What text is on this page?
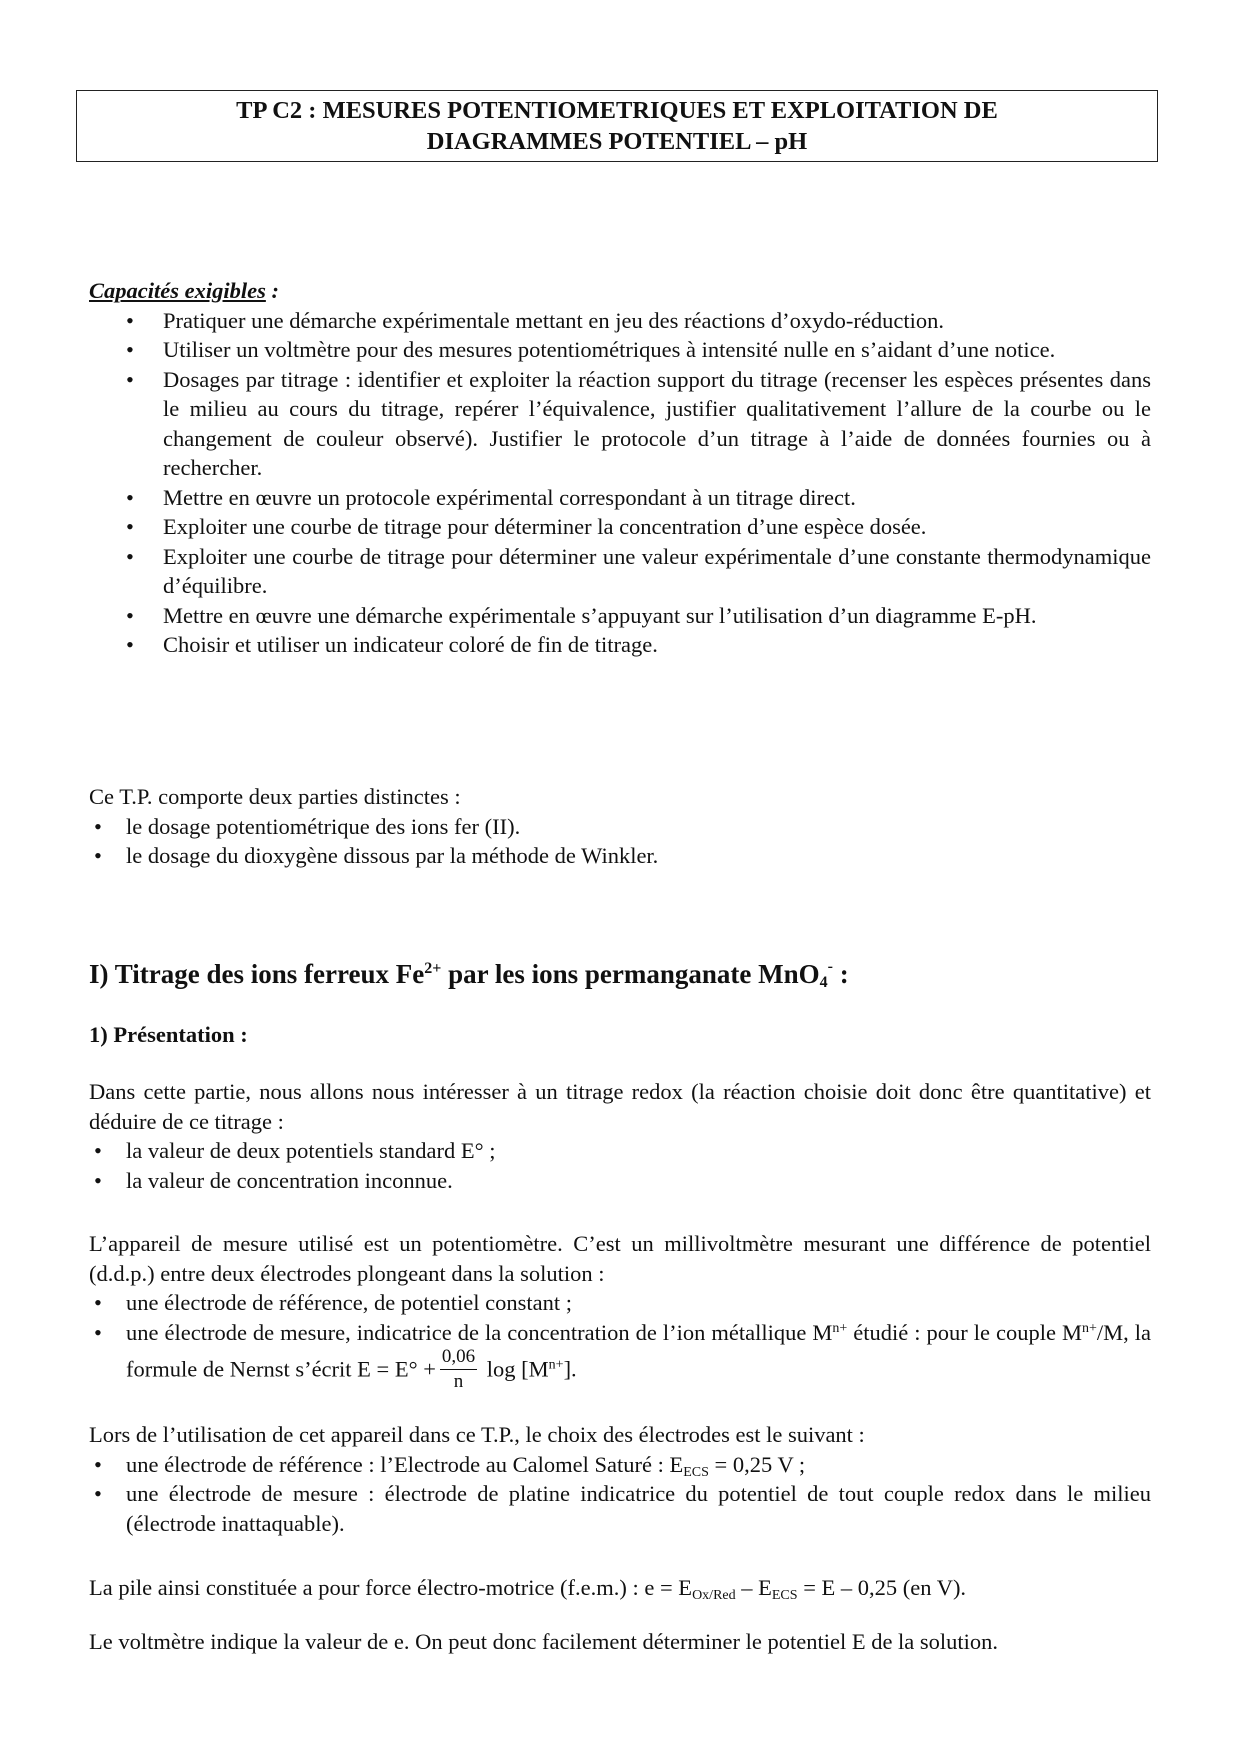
TP C2 : MESURES POTENTIOMETRIQUES ET EXPLOITATION DE
DIAGRAMMES POTENTIEL – pH
Capacités exigibles :
• Pratiquer une démarche expérimentale mettant en jeu des réactions d’oxydo-réduction.
• Utiliser un voltmètre pour des mesures potentiométriques à intensité nulle en s’aidant d’une notice.
• Dosages par titrage : identifier et exploiter la réaction support du titrage (recenser les espèces présentes dans le milieu au cours du titrage, repérer l’équivalence, justifier qualitativement l’allure de la courbe ou le changement de couleur observé). Justifier le protocole d’un titrage à l’aide de données fournies ou à rechercher.
• Mettre en œuvre un protocole expérimental correspondant à un titrage direct.
• Exploiter une courbe de titrage pour déterminer la concentration d’une espèce dosée.
• Exploiter une courbe de titrage pour déterminer une valeur expérimentale d’une constante thermodynamique d’équilibre.
• Mettre en œuvre une démarche expérimentale s’appuyant sur l’utilisation d’un diagramme E-pH.
• Choisir et utiliser un indicateur coloré de fin de titrage.
Ce T.P. comporte deux parties distinctes :
• le dosage potentiométrique des ions fer (II).
• le dosage du dioxygène dissous par la méthode de Winkler.
I) Titrage des ions ferreux $Fe^{2+}$ par les ions permanganate MnO$_4$- :
1) Présentation :
Dans cette partie, nous allons nous intéresser à un titrage redox (la réaction choisie doit donc être quantitative) et déduire de ce titrage :
• la valeur de deux potentiels standard E° ;
• la valeur de concentration inconnue.
L’appareil de mesure utilisé est un potentiomètre. C’est un millivoltmètre mesurant une différence de potentiel (d.d.p.) entre deux électrodes plongeant dans la solution :
• une électrode de référence, de potentiel constant ;
• une électrode de mesure, indicatrice de la concentration de l’ion métallique $M^{n+}$ étudié : pour le couple $M^{n+}/M$, la formule de Nernst s’écrit $E = E^\circ + \frac{0,06}{n}$ $\log [M^{n+}]$.
Lors de l’utilisation de cet appareil dans ce T.P., le choix des électrodes est le suivant :
• une électrode de référence : l’Electrode au Calomel Saturé : $E_{ECS} = 0,25$ V ;
• une électrode de mesure : électrode de platine indicatrice du potentiel de tout couple redox dans le milieu (électrode inattaquable).
La pile ainsi constituée a pour force électro-motrice (f.e.m.) : $e = E_{Ox/Red} - E_{ECS} = E - 0,25$ (en V).
Le voltmètre indique la valeur de e. On peut donc facilement déterminer le potentiel E de la solution.
